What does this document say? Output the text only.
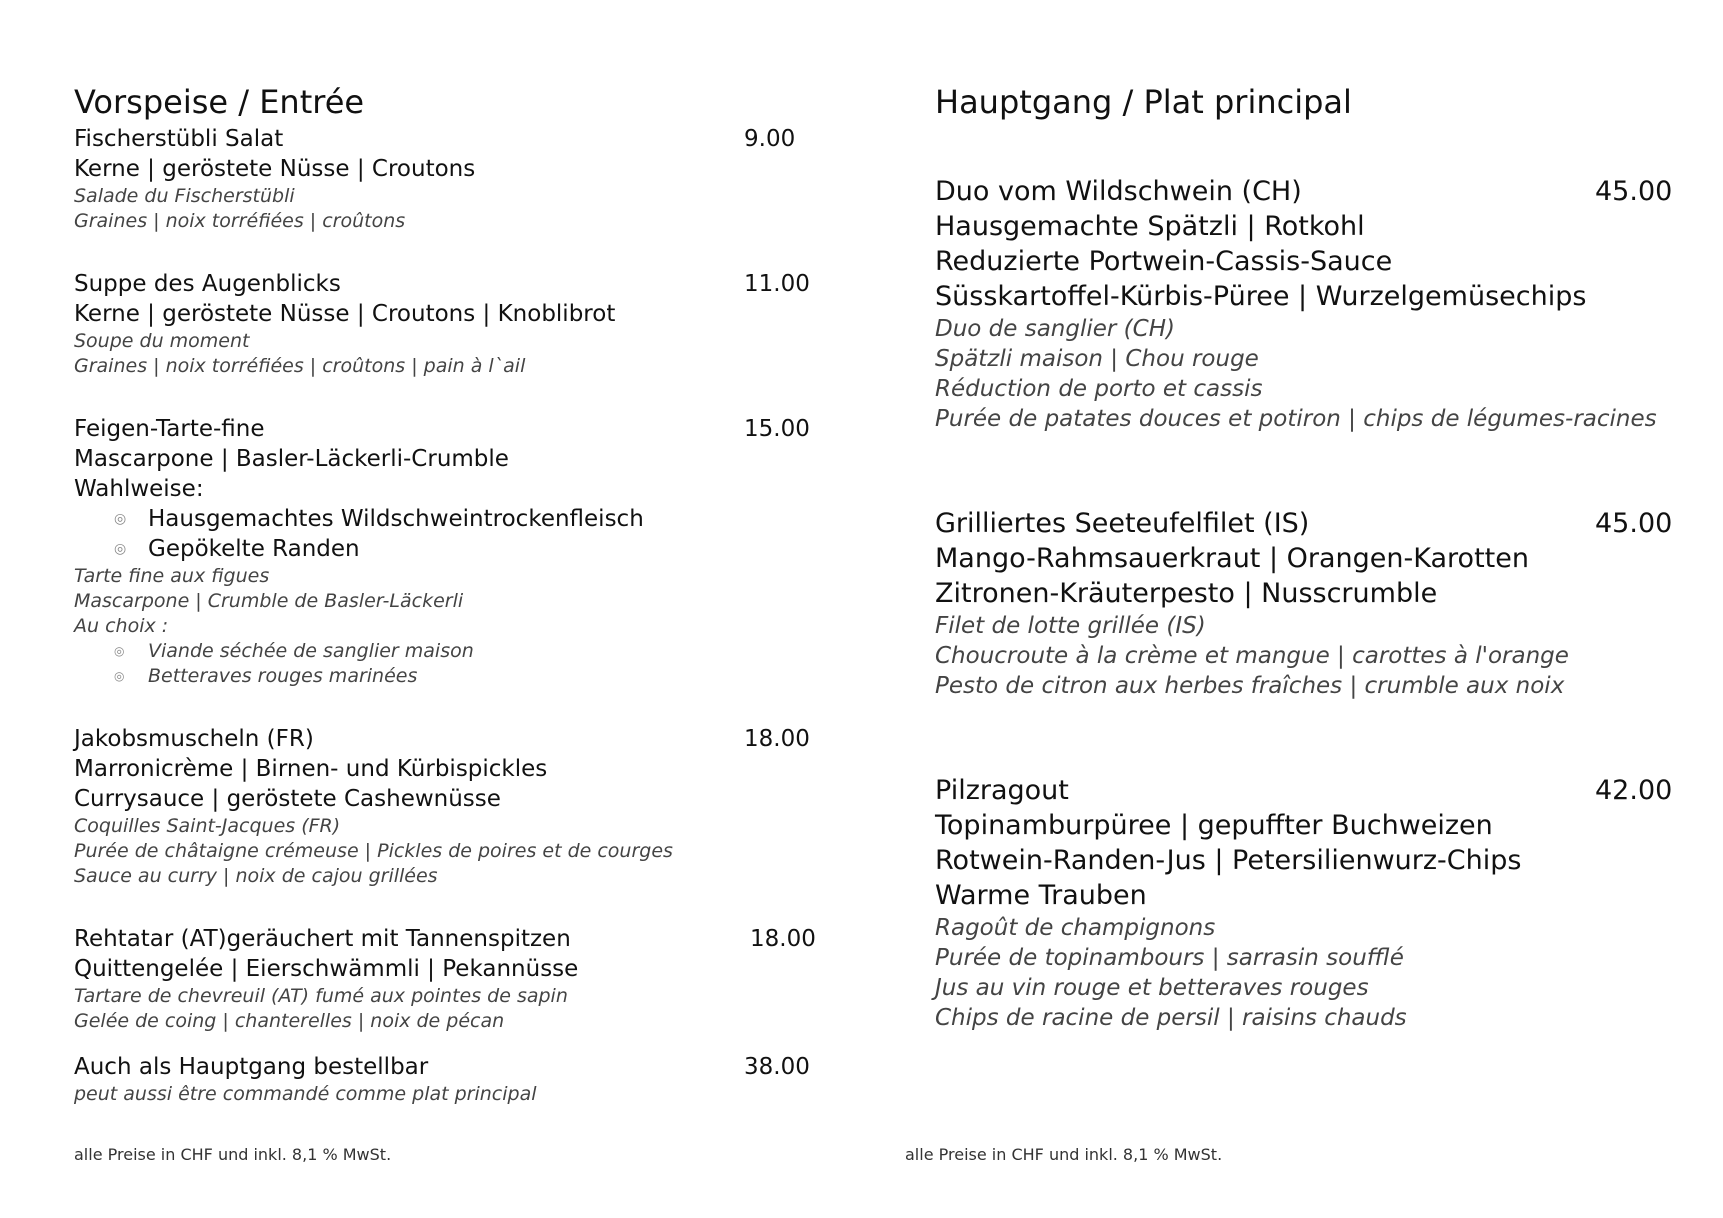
Vorspeise / Entrée
Fischerstübli Salat	9.00
Kerne | geröstete Nüsse | Croutons
Salade du Fischerstübli
Graines | noix torréfiées | croûtons
Suppe des Augenblicks	11.00
Kerne | geröstete Nüsse | Croutons | Knoblibrot
Soupe du moment
Graines | noix torréfiées | croûtons | pain à l`ail
Feigen-Tarte-fine	15.00
Mascarpone | Basler-Läckerli-Crumble
Wahlweise:
◎ Hausgemachtes Wildschweintrockenfleisch
◎ Gepökelte Randen
Tarte fine aux figues
Mascarpone | Crumble de Basler-Läckerli
Au choix :
◎ Viande séchée de sanglier maison
◎ Betteraves rouges marinées
Jakobsmuscheln (FR)	18.00
Marronicrème | Birnen- und Kürbispickles
Currysauce | geröstete Cashewnüsse
Coquilles Saint-Jacques (FR)
Purée de châtaigne crémeuse | Pickles de poires et de courges
Sauce au curry | noix de cajou grillées
Rehtatar (AT)geräuchert mit Tannenspitzen	18.00
Quittengelée | Eierschwämmli | Pekannüsse
Tartare de chevreuil (AT) fumé aux pointes de sapin
Gelée de coing | chanterelles | noix de pécan
Auch als Hauptgang bestellbar	38.00
peut aussi être commandé comme plat principal
alle Preise in CHF und inkl. 8,1 % MwSt.
Hauptgang / Plat principal
Duo vom Wildschwein (CH)	45.00
Hausgemachte Spätzli | Rotkohl
Reduzierte Portwein-Cassis-Sauce
Süsskartoffel-Kürbis-Püree | Wurzelgemüsechips
Duo de sanglier (CH)
Spätzli maison | Chou rouge
Réduction de porto et cassis
Purée de patates douces et potiron | chips de légumes-racines
Grilliertes Seeteufelfilet (IS)	45.00
Mango-Rahmsauerkraut | Orangen-Karotten
Zitronen-Kräuterpesto | Nusscrumble
Filet de lotte grillée (IS)
Choucroute à la crème et mangue | carottes à l'orange
Pesto de citron aux herbes fraîches | crumble aux noix
Pilzragout	42.00
Topinamburpüree | gepuffter Buchweizen
Rotwein-Randen-Jus | Petersilienwurz-Chips
Warme Trauben
Ragoût de champignons
Purée de topinambours | sarrasin soufflé
Jus au vin rouge et betteraves rouges
Chips de racine de persil | raisins chauds
alle Preise in CHF und inkl. 8,1 % MwSt.
